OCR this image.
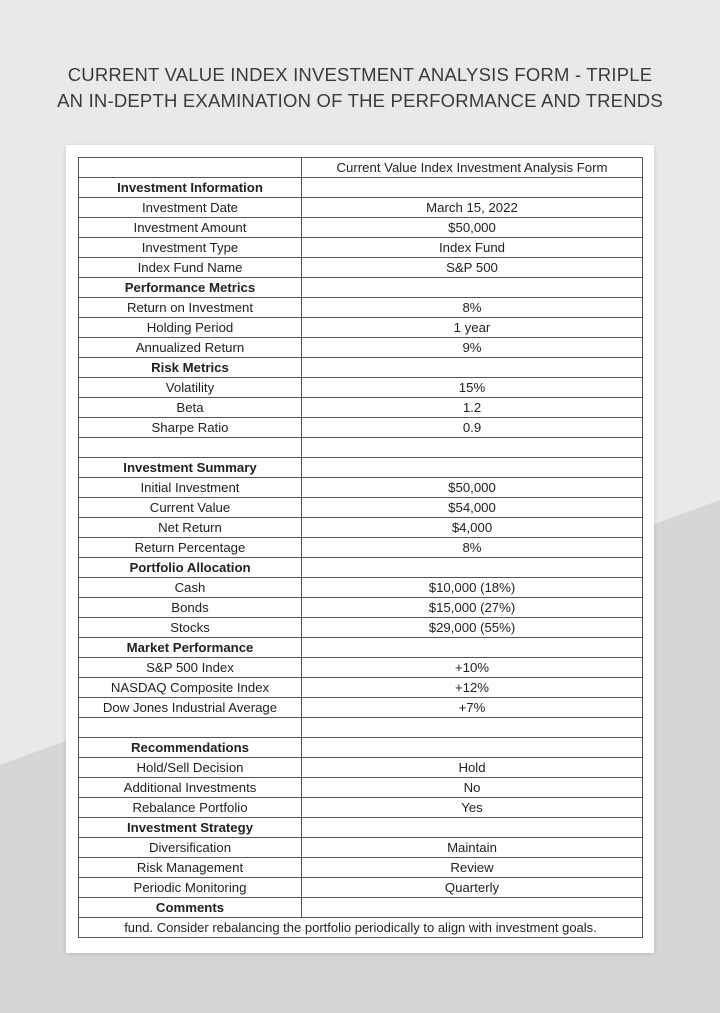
CURRENT VALUE INDEX INVESTMENT ANALYSIS FORM - TRIPLE
AN IN-DEPTH EXAMINATION OF THE PERFORMANCE AND TRENDS
	Current Value Index Investment Analysis Form
Investment Information	
Investment Date	March 15, 2022
Investment Amount	$50,000
Investment Type	Index Fund
Index Fund Name	S&P 500
Performance Metrics	
Return on Investment	8%
Holding Period	1 year
Annualized Return	9%
Risk Metrics	
Volatility	15%
Beta	1.2
Sharpe Ratio	0.9

Investment Summary	
Initial Investment	$50,000
Current Value	$54,000
Net Return	$4,000
Return Percentage	8%
Portfolio Allocation	
Cash	$10,000 (18%)
Bonds	$15,000 (27%)
Stocks	$29,000 (55%)
Market Performance	
S&P 500 Index	+10%
NASDAQ Composite Index	+12%
Dow Jones Industrial Average	+7%

Recommendations	
Hold/Sell Decision	Hold
Additional Investments	No
Rebalance Portfolio	Yes
Investment Strategy	
Diversification	Maintain
Risk Management	Review
Periodic Monitoring	Quarterly
Comments	
fund. Consider rebalancing the portfolio periodically to align with investment goals.	
